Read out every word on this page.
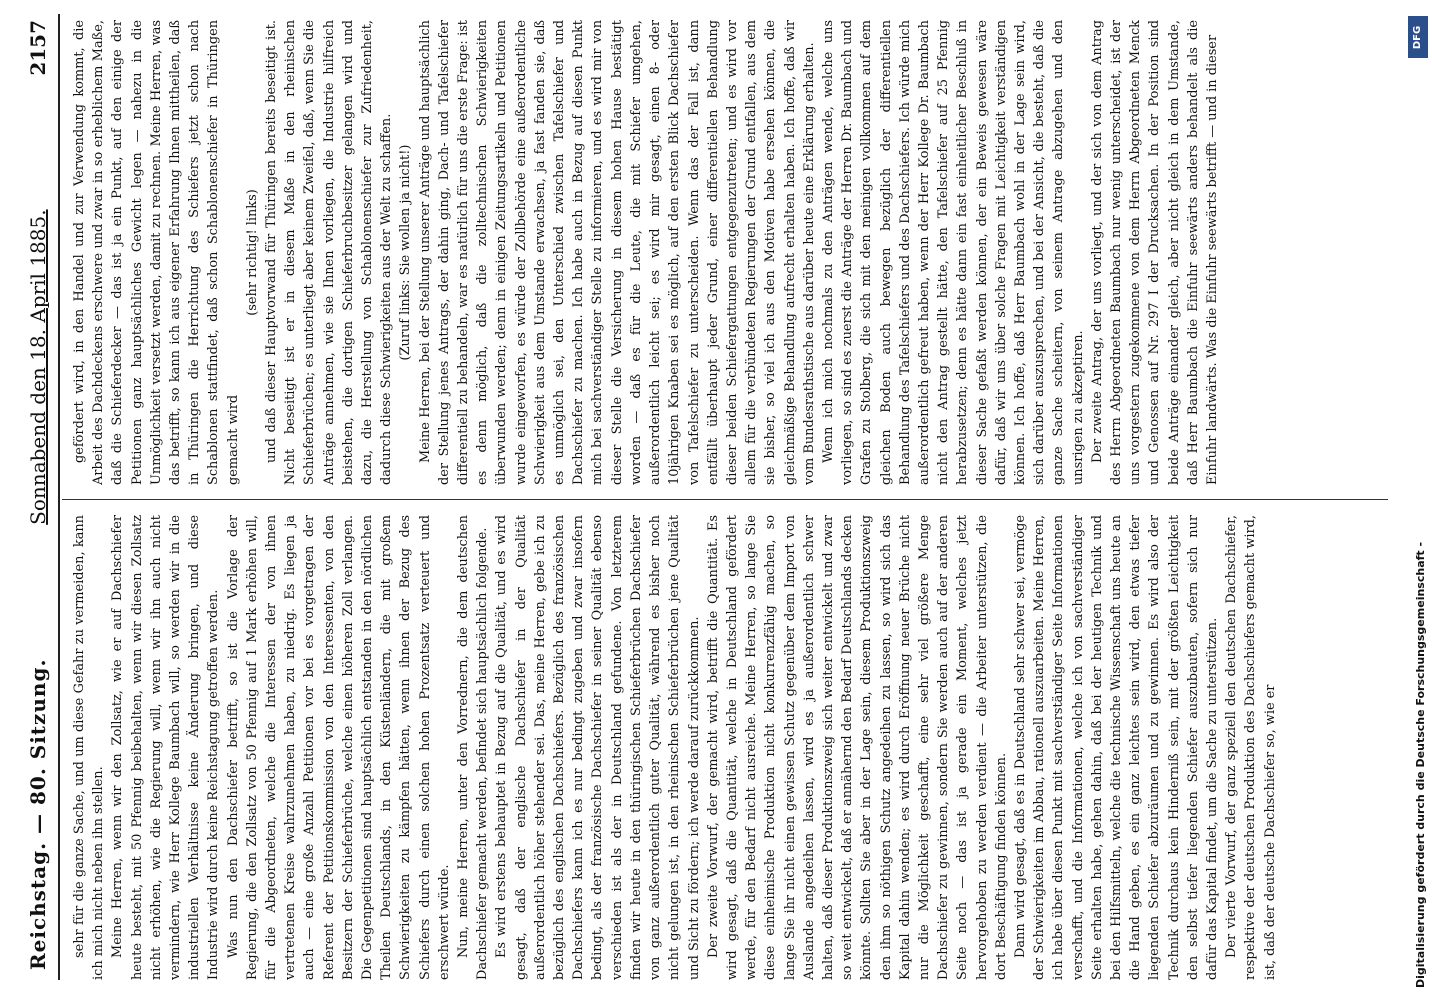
Reichstag. — 80. Sitzung.
Sonnabend den 18. April 1885.
2157

sehr für die ganze Sache, und um diese Gefahr zu vermeiden, kann ich mich nicht neben ihn stellen. Meine Herren, wenn wir den Zollsatz, wie er auf Dachschiefer heute besteht, mit 50 Pfennig beibehalten, wenn wir diesen Zollsatz nicht erhöhen, wie die Regierung will, wenn wir ihn auch nicht vermindern, wie Herr Kollege Baumbach will, so werden wir in die industriellen Verhältnisse keine Änderung bringen, und diese Industrie wird durch keine Reichstagung getroffen werden. Was nun den Dachschiefer betrifft, so ist die Vorlage der Regierung, die den Zollsatz von 50 Pfennig auf 1 Mark erhöhen will, für die Abgeordneten, welche die Interessen der von ihnen vertretenen Kreise wahrzunehmen haben, zu niedrig. Es liegen ja auch — eine große Anzahl Petitionen vor bei es vorgetragen der Referent der Petitionskommission von den Interessenten, von den Besitzern der Schieferbrüche, welche einen höheren Zoll verlangen. Die Gegenpetitionen sind hauptsächlich entstanden in den nördlichen Theilen Deutschlands, in den Küstenländern, die mit großem Schwierigkeiten zu kämpfen hätten, wenn ihnen der Bezug des Schiefers durch einen solchen hohen Prozentsatz verteuert und erschwert würde. Nun, meine Herren, unter den Vorrednern, die dem deutschen Dachschiefer gemacht werden, befindet sich hauptsächlich folgende. Es wird erstens behauptet in Bezug auf die Qualität, und es wird gesagt, daß der englische Dachschiefer in der Qualität außerordentlich höher stehender sei. Das, meine Herren, gebe ich zu bezüglich des englischen Dachschiefers. Bezüglich des französischen Dachschiefers kann ich es nur bedingt zugeben und zwar insofern bedingt, als der französische Dachschiefer in seiner Qualität ebenso verschieden ist als der in Deutschland gefundene. Von letzterem finden wir heute in den thüringischen Schieferbrüchen Dachschiefer von ganz außerordentlich guter Qualität, während es bisher noch nicht gelungen ist, in den rheinischen Schieferbrüchen jene Qualität und Sicht zu fördern; ich werde darauf zurückkommen. Der zweite Vorwurf, der gemacht wird, betrifft die Quantität. Es wird gesagt, daß die Quantität, welche in Deutschland gefördert werde, für den Bedarf nicht ausreiche. Meine Herren, so lange Sie diese einheimische Produktion nicht konkurrenzfähig machen, so lange Sie ihr nicht einen gewissen Schutz gegenüber dem Import von Auslande angedeihen lassen, wird es ja außerordentlich schwer halten, daß dieser Produktionszweig sich weiter entwickelt und zwar so weit entwickelt, daß er annähernd den Bedarf Deutschlands decken könnte. Sollten Sie aber in der Lage sein, diesem Produktionszweig den ihm so nöthigen Schutz angedeihen zu lassen, so wird sich das Kapital dahin wenden; es wird durch Eröffnung neuer Brüche nicht nur die Möglichkeit geschafft, eine sehr viel größere Menge Dachschiefer zu gewinnen, sondern Sie werden auch auf der anderen Seite noch — das ist ja gerade ein Moment, welches jetzt hervorgehoben zu werden verdient — die Arbeiter unterstützen, die dort Beschäftigung finden können. Dann wird gesagt, daß es in Deutschland sehr schwer sei, vermöge der Schwierigkeiten im Abbau, rationell auszuarbeiten. Meine Herren, ich habe über diesen Punkt mit sachverständiger Seite Informationen verschafft, und die Informationen, welche ich von sachverständiger Seite erhalten habe, gehen dahin, daß bei der heutigen Technik und bei den Hilfsmitteln, welche die technische Wissenschaft uns heute an die Hand geben, es ein ganz leichtes sein wird, den etwas tiefer liegenden Schiefer abzuräumen und zu gewinnen. Es wird also der Technik durchaus kein Hinderniß sein, mit der größten Leichtigkeit den selbst tiefer liegenden Schiefer auszubauten, sofern sich nur dafür das Kapital findet, um die Sache zu unterstützen. Der vierte Vorwurf, der ganz speziell den deutschen Dachschiefer, respektive der deutschen Produktion des Dachschiefers gemacht wird, ist, daß der deutsche Dachschiefer so, wie er

gefördert wird, in den Handel und zur Verwendung kommt, die Arbeit des Dachdeckens erschwere und zwar in so erheblichem Maße, daß die Schieferdecker — das ist ja ein Punkt, auf den einige der Petitionen ganz hauptsächliches Gewicht legen — nahezu in die Unmöglichkeit versetzt werden, damit zu rechnen. Meine Herren, was das betrifft, so kann ich aus eigener Erfahrung Ihnen mittheilen, daß in Thüringen die Herrichtung des Schiefers jetzt schon nach Schablonen stattfindet, daß schon Schablonenschiefer in Thüringen gemacht wird

(sehr richtig! links) und daß dieser Hauptvorwand für Thüringen bereits beseitigt ist. Nicht beseitigt ist er in diesem Maße in den rheinischen Schieferbrüchen; es unterliegt aber keinem Zweifel, daß, wenn Sie die Anträge annehmen, wie sie Ihnen vorliegen, die Industrie hilfreich beistehen, die dortigen Schieferbruchbesitzer gelangen wird und dazu, die Herstellung von Schablonenschiefer zur Zufriedenheit, dadurch diese Schwierigkeiten aus der Welt zu schaffen. (Zuruf links: Sie wollen ja nicht!) Meine Herren, bei der Stellung unserer Anträge und hauptsächlich der Stellung jenes Antrags, der dahin ging, Dach- und Tafelschiefer differentiell zu behandeln, war es natürlich für uns die erste Frage: ist es denn möglich, daß die zolltechnischen Schwierigkeiten überwunden werden; denn in einigen Zeitungsartikeln und Petitionen wurde eingeworfen, es würde der Zollbehörde eine außerordentliche Schwierigkeit aus dem Umstande erwachsen, ja fast fanden sie, daß es unmöglich sei, den Unterschied zwischen Tafelschiefer und Dachschiefer zu machen. Ich habe auch in Bezug auf diesen Punkt mich bei sachverständiger Stelle zu informieren, und es wird mir von dieser Stelle die Versicherung in diesem hohen Hause bestätigt worden — daß es für die Leute, die mit Schiefer umgehen, außerordentlich leicht sei; es wird mir gesagt, einen 8- oder 10jährigen Knaben sei es möglich, auf den ersten Blick Dachschiefer von Tafelschiefer zu unterscheiden. Wenn das der Fall ist, dann entfällt überhaupt jeder Grund, einer differentiellen Behandlung dieser beiden Schiefergattungen entgegenzutreten; und es wird vor allem für die verbündeten Regierungen der Grund entfallen, aus dem sie bisher, so viel ich aus den Motiven habe ersehen können, die gleichmäßige Behandlung aufrecht erhalten haben. Ich hoffe, daß wir vom Bundesrathstische aus darüber heute eine Erklärung erhalten. Wenn ich mich nochmals zu den Anträgen wende, welche uns vorliegen, so sind es zuerst die Anträge der Herren Dr. Baumbach und Grafen zu Stolberg, die sich mit den meinigen vollkommen auf dem gleichen Boden auch bewegen bezüglich der differentiellen Behandlung des Tafelschiefers und des Dachschiefers. Ich würde mich außerordentlich gefreut haben, wenn der Herr Kollege Dr. Baumbach nicht den Antrag gestellt hätte, den Tafelschiefer auf 25 Pfennig herabzusetzen; denn es hätte dann ein fast einheitlicher Beschluß in dieser Sache gefaßt werden können, der ein Beweis gewesen wäre dafür, daß wir uns über solche Fragen mit Leichtigkeit verständigen können. Ich hoffe, daß Herr Baumbach wohl in der Lage sein wird, sich darüber auszusprechen, und bei der Ansicht, die besteht, daß die ganze Sache scheitern, von seinem Antrage abzugehen und den unsrigen zu akzeptiren. Der zweite Antrag, der uns vorliegt, und der sich von dem Antrag des Herrn Abgeordneten Baumbach nur wenig unterscheidet, ist der uns vorgestern zugekommene von dem Herrn Abgeordneten Menck und Genossen auf Nr. 297 I der Drucksachen. In der Position sind beide Anträge einander gleich, aber nicht gleich in dem Umstande, daß Herr Baumbach die Einfuhr seewärts anders behandelt als die Einfuhr landwärts. Was die Einfuhr seewärts betrifft — und in dieser	DFG
Digitalisierung gefördert durch die Deutsche Forschungsgemeinschaft -
